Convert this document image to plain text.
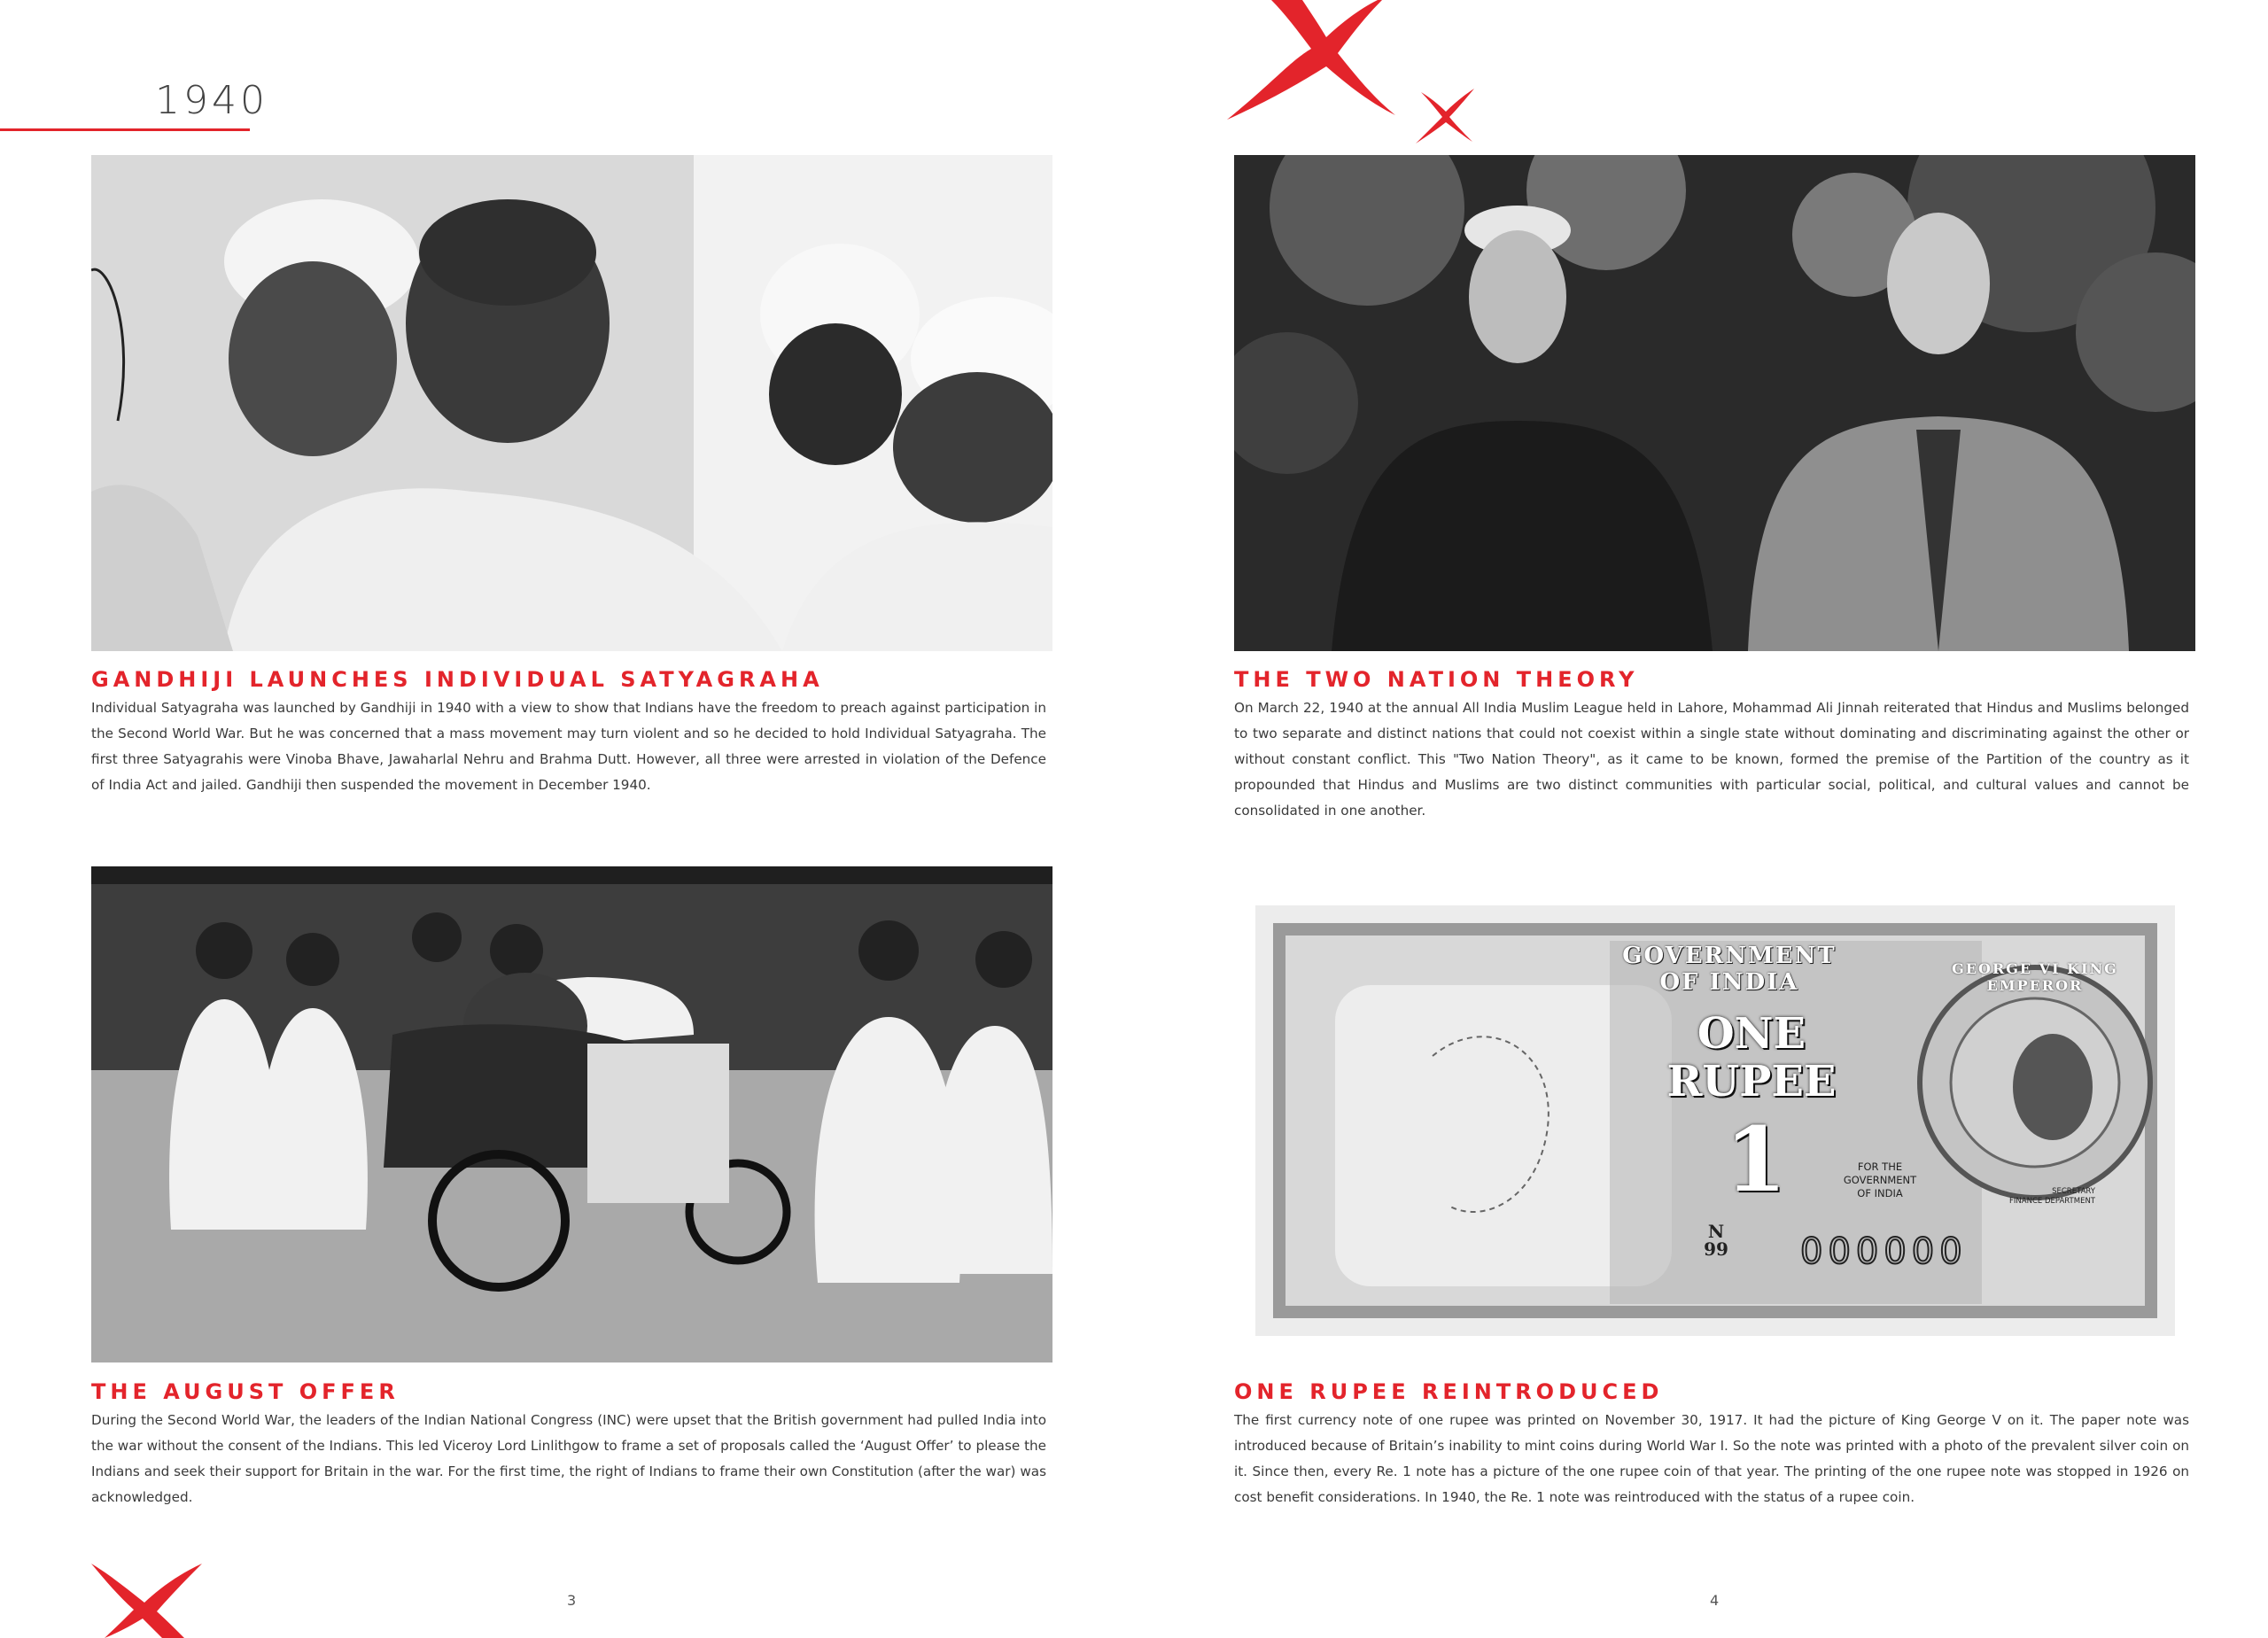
1940
GANDHIJI LAUNCHES INDIVIDUAL SATYAGRAHA
Individual Satyagraha was launched by Gandhiji in 1940 with a view to show that Indians have the freedom to preach against participation in the Second World War. But he was concerned that a mass movement may turn violent and so he decided to hold Individual Satyagraha. The first three Satyagrahis were Vinoba Bhave, Jawaharlal Nehru and Brahma Dutt. However, all three were arrested in violation of the Defence of India Act and jailed. Gandhiji then suspended the movement in December 1940.
THE TWO NATION THEORY
On March 22, 1940 at the annual All India Muslim League held in Lahore, Mohammad Ali Jinnah reiterated that Hindus and Muslims belonged to two separate and distinct nations that could not coexist within a single state without dominating and discriminating against the other or without constant conflict. This "Two Nation Theory", as it came to be known, formed the premise of the Partition of the country as it propounded that Hindus and Muslims are two distinct communities with particular social, political, and cultural values and cannot be consolidated in one another.
GOVERNMENT
OF INDIA
ONE
RUPEE
1
GEORGE VI KING EMPEROR
FOR THE
GOVERNMENT
OF INDIA	SECRETARY
FINANCE DEPARTMENT
N
99 000000
THE AUGUST OFFER
During the Second World War, the leaders of the Indian National Congress (INC) were upset that the British government had pulled India into the war without the consent of the Indians. This led Viceroy Lord Linlithgow to frame a set of proposals called the ‘August Offer’ to please the Indians and seek their support for Britain in the war. For the first time, the right of Indians to frame their own Constitution (after the war) was acknowledged.
ONE RUPEE REINTRODUCED
The first currency note of one rupee was printed on November 30, 1917. It had the picture of King George V on it. The paper note was introduced because of Britain’s inability to mint coins during World War I. So the note was printed with a photo of the prevalent silver coin on it. Since then, every Re. 1 note has a picture of the one rupee coin of that year. The printing of the one rupee note was stopped in 1926 on cost benefit considerations. In 1940, the Re. 1 note was reintroduced with the status of a rupee coin.
3	4
